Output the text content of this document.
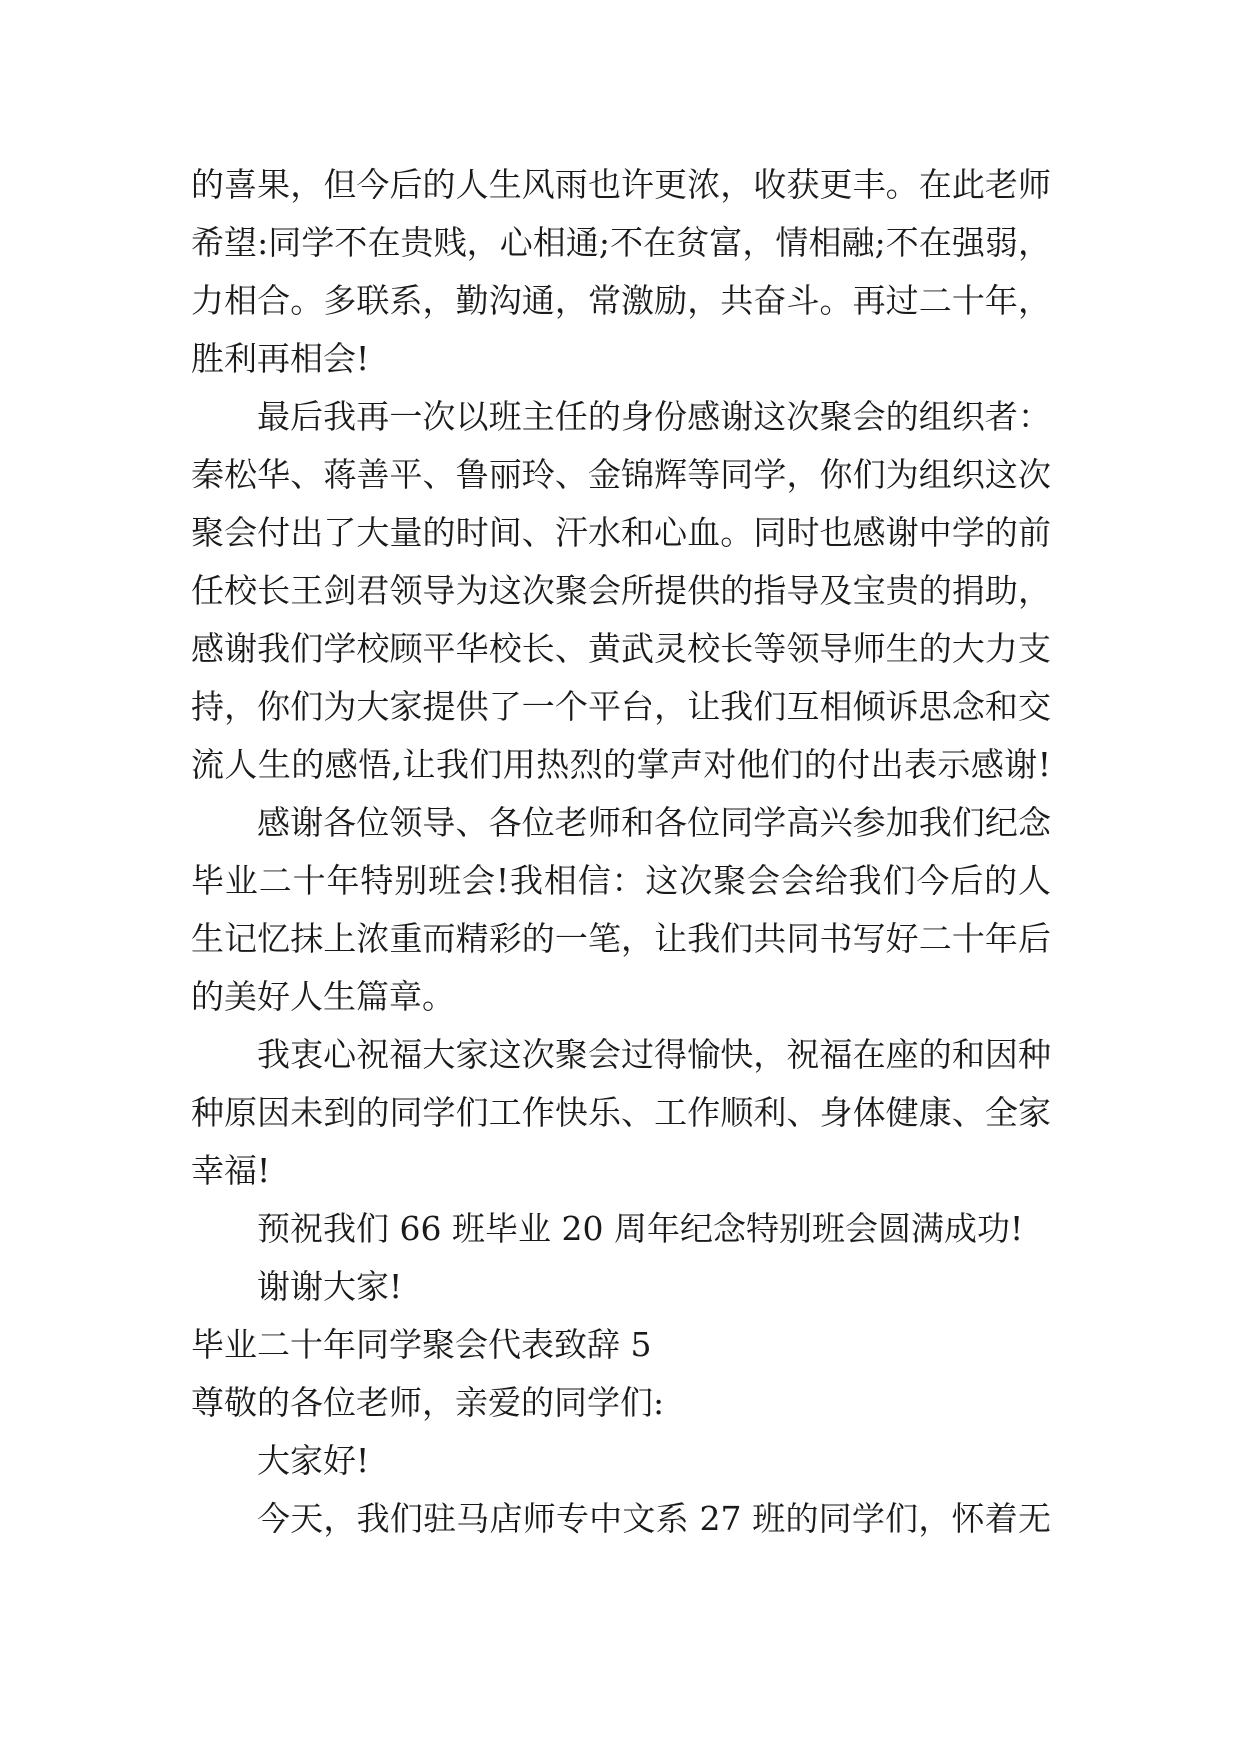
的喜果，但今后的人生风雨也许更浓，收获更丰。在此老师
希望:同学不在贵贱，心相通;不在贫富，情相融;不在强弱，
力相合。多联系，勤沟通，常激励，共奋斗。再过二十年，
胜利再相会!
最后我再一次以班主任的身份感谢这次聚会的组织者：
秦松华、蒋善平、鲁丽玲、金锦辉等同学，你们为组织这次
聚会付出了大量的时间、汗水和心血。同时也感谢中学的前
任校长王剑君领导为这次聚会所提供的指导及宝贵的捐助，
感谢我们学校顾平华校长、黄武灵校长等领导师生的大力支
持，你们为大家提供了一个平台，让我们互相倾诉思念和交
流人生的感悟,让我们用热烈的掌声对他们的付出表示感谢!
感谢各位领导、各位老师和各位同学高兴参加我们纪念
毕业二十年特别班会!我相信：这次聚会会给我们今后的人
生记忆抹上浓重而精彩的一笔，让我们共同书写好二十年后
的美好人生篇章。
我衷心祝福大家这次聚会过得愉快，祝福在座的和因种
种原因未到的同学们工作快乐、工作顺利、身体健康、全家
幸福!
预祝我们 66 班毕业 20 周年纪念特别班会圆满成功!
谢谢大家!
毕业二十年同学聚会代表致辞 5
尊敬的各位老师，亲爱的同学们:
大家好!
今天，我们驻马店师专中文系 27 班的同学们，怀着无
